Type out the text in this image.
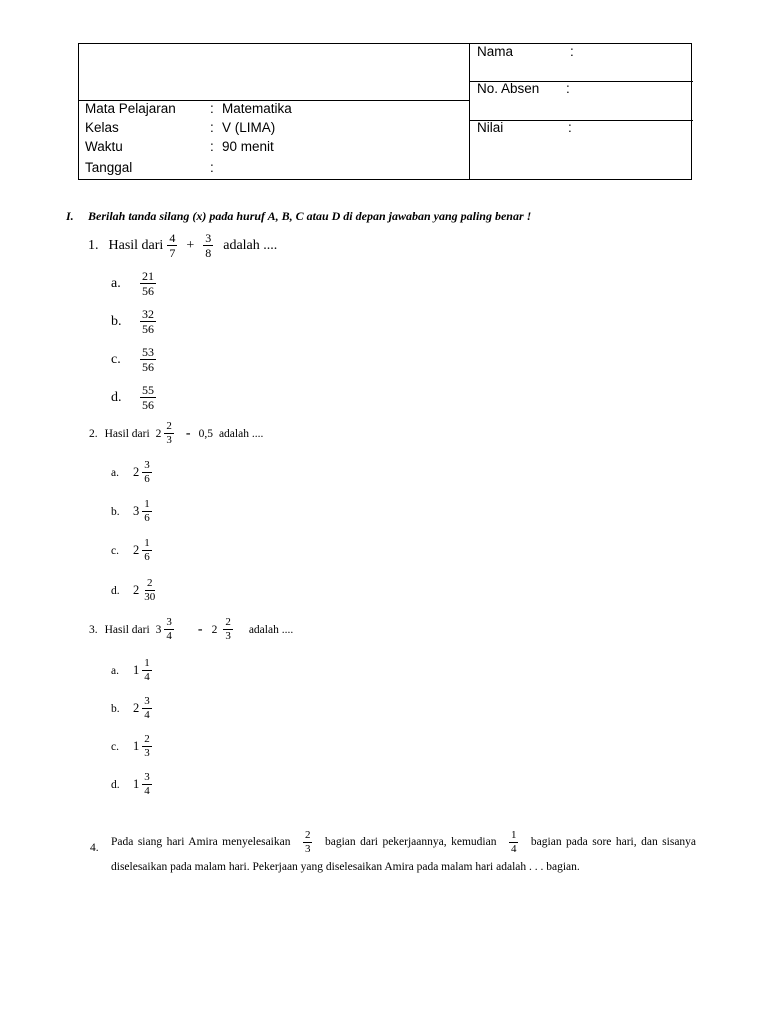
Nama	:
No. Absen :
Nilai	:
Mata Pelajaran	: Matematika
Kelas	: V (LIMA)
Waktu	: 90 menit
Tanggal	:
I. Berilah tanda silang (x) pada huruf A, B, C atau D di depan jawaban yang paling benar !
1. Hasil dari $\frac{4}{7} + \frac{3}{8}$ adalah ....
a.	$\frac{21}{56}$
b.	$\frac{32}{56}$
c.	$\frac{53}{56}$
d.	$\frac{55}{56}$
2. Hasil dari $2 \frac{2}{3} - 0,5$ adalah ....
a.	$2 \frac{3}{6}$
b.	$3 \frac{1}{6}$
c.	$2 \frac{1}{6}$
d.	$2 \frac{2}{30}$
3. Hasil dari $3 \frac{3}{4} - 2 \frac{2}{3}$ adalah ....
a.	$1 \frac{1}{4}$
b.	$2 \frac{3}{4}$
c.	$1 \frac{2}{3}$
d.	$1 \frac{3}{4}$
4. Pada siang hari Amira menyelesaikan $\frac{2}{3}$ bagian dari pekerjaannya, kemudian $\frac{1}{4}$ bagian pada sore hari, dan sisanya diselesaikan pada malam hari. Pekerjaan yang diselesaikan Amira pada malam hari adalah . . . bagian.
